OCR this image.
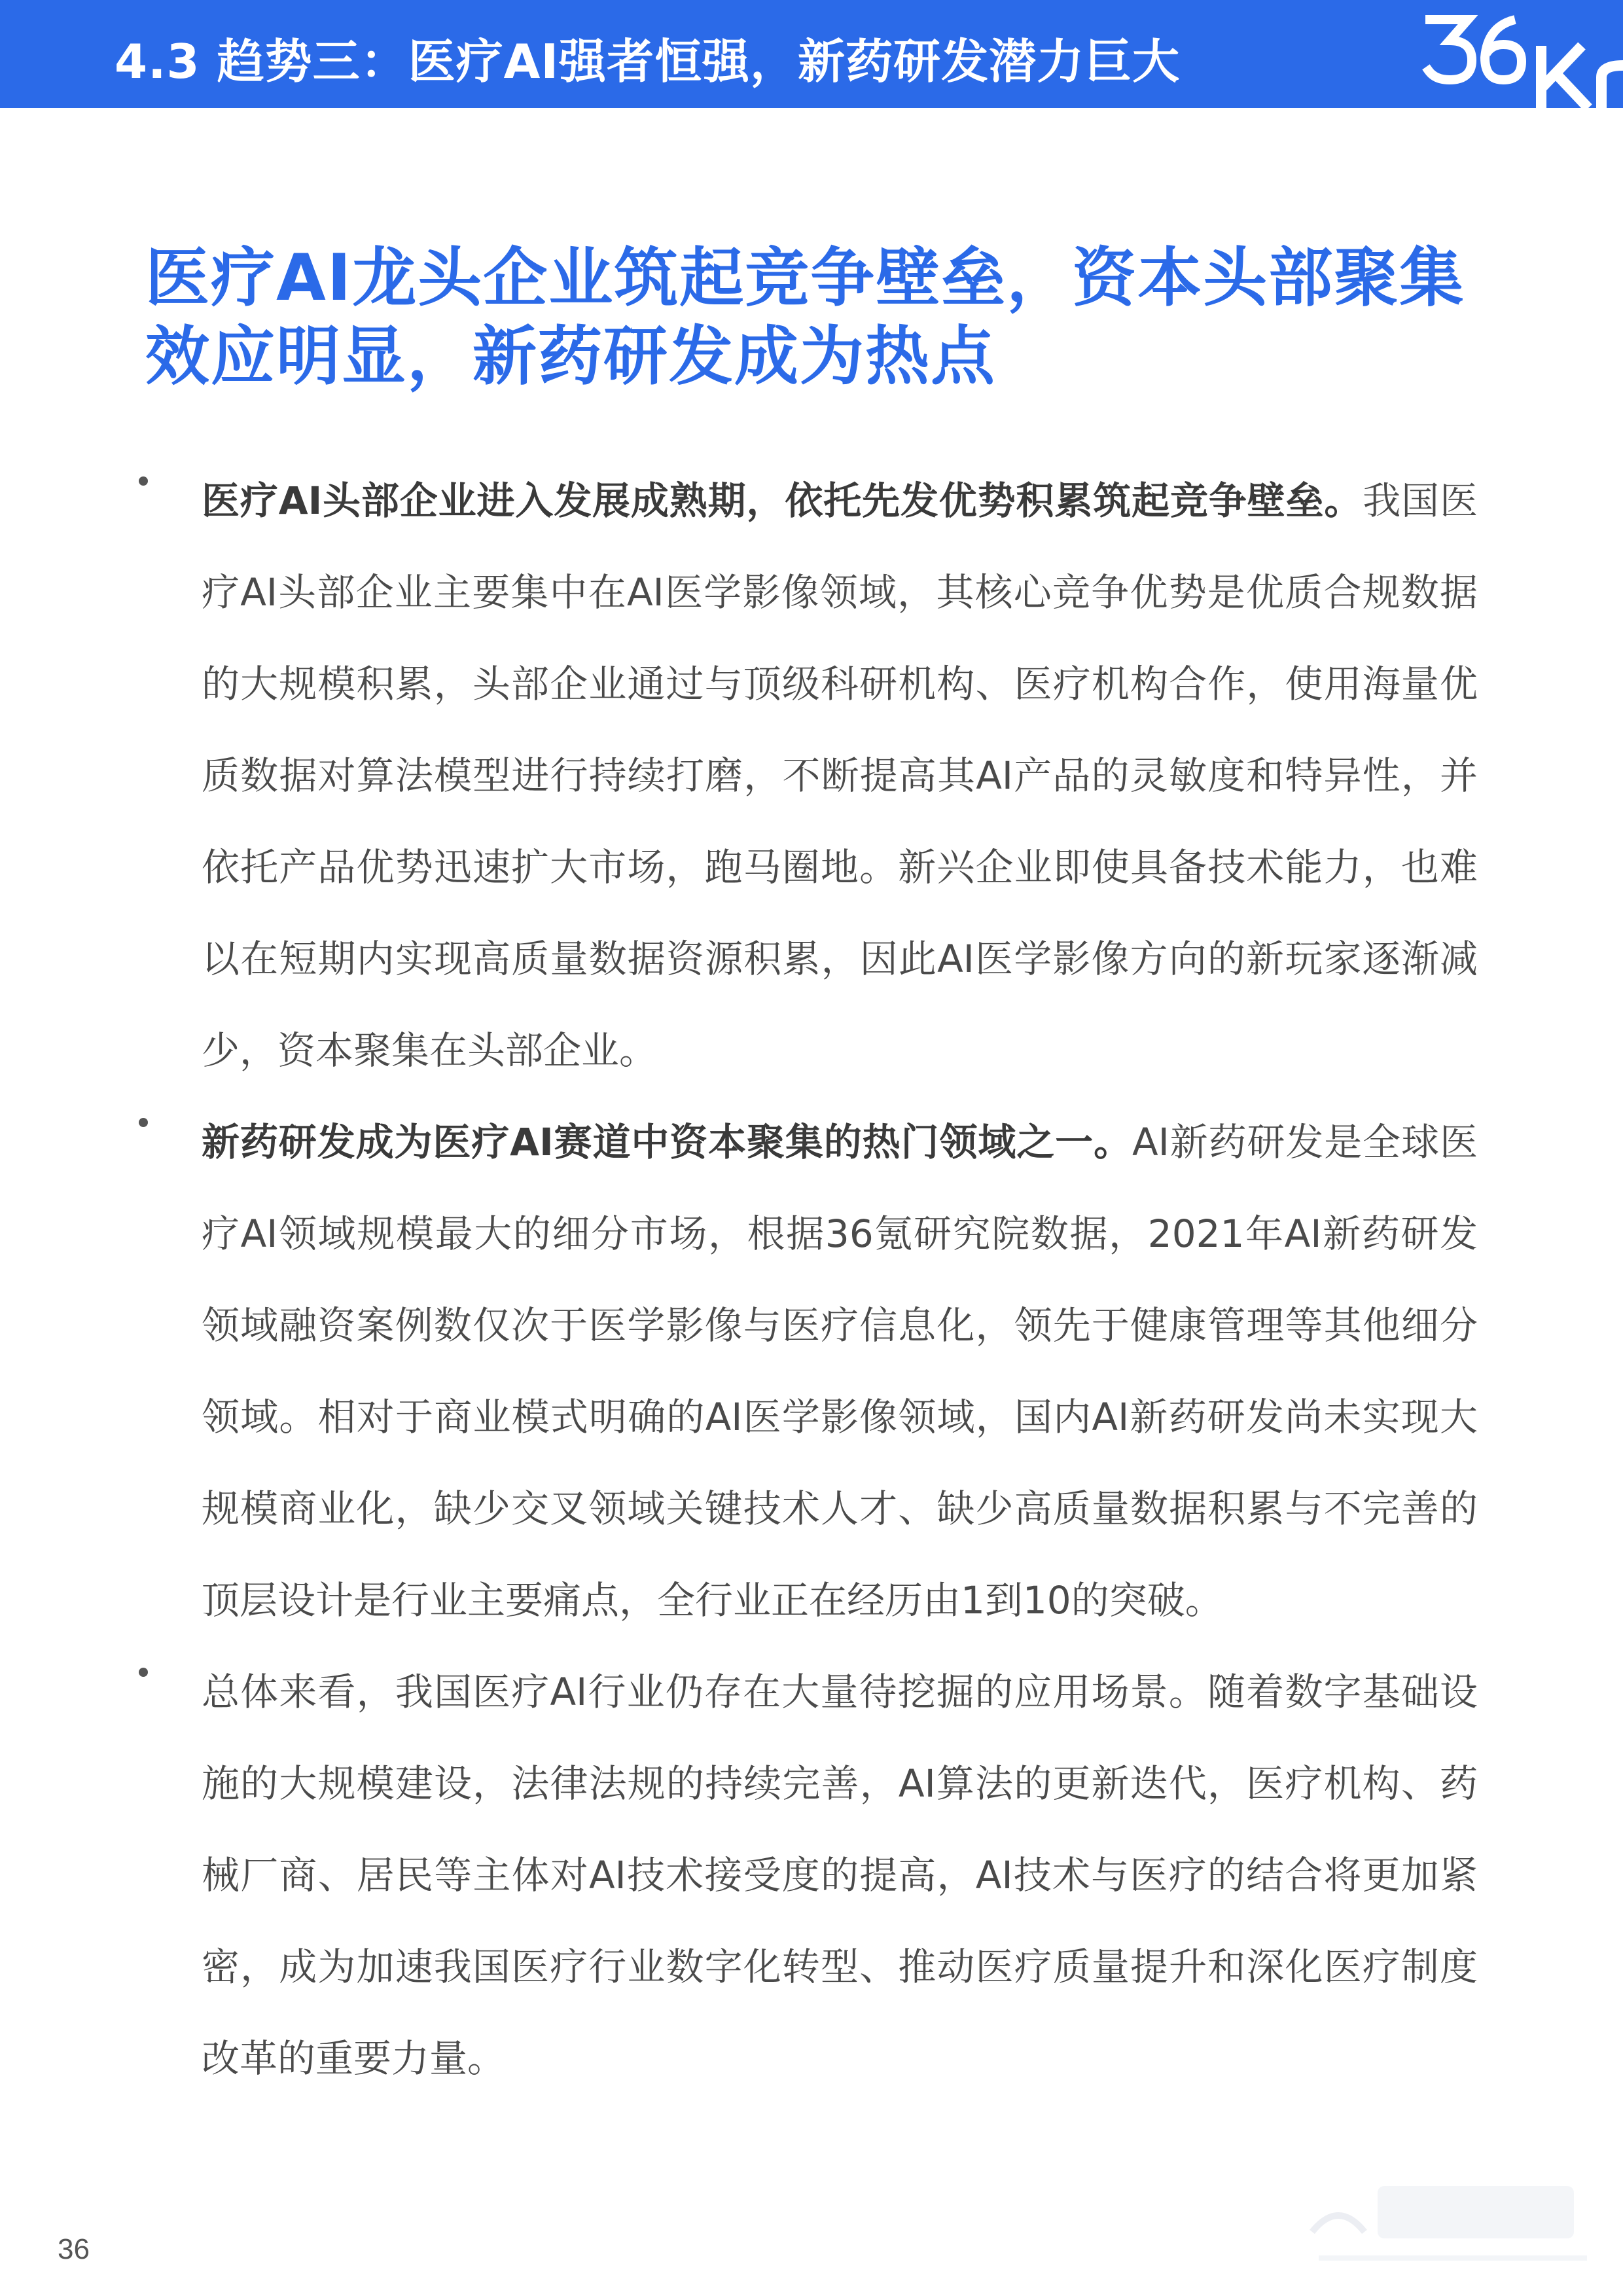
4.3 趋势三：医疗AI强者恒强，新药研发潜力巨大
医疗AI龙头企业筑起竞争壁垒，资本头部聚集效应明显，新药研发成为热点
医疗AI头部企业进入发展成熟期，依托先发优势积累筑起竞争壁垒。我国医疗AI头部企业主要集中在AI医学影像领域，其核心竞争优势是优质合规数据的大规模积累，头部企业通过与顶级科研机构、医疗机构合作，使用海量优质数据对算法模型进行持续打磨，不断提高其AI产品的灵敏度和特异性，并依托产品优势迅速扩大市场，跑马圈地。新兴企业即使具备技术能力，也难以在短期内实现高质量数据资源积累，因此AI医学影像方向的新玩家逐渐减少，资本聚集在头部企业。
新药研发成为医疗AI赛道中资本聚集的热门领域之一。AI新药研发是全球医疗AI领域规模最大的细分市场，根据36氪研究院数据，2021年AI新药研发领域融资案例数仅次于医学影像与医疗信息化，领先于健康管理等其他细分领域。相对于商业模式明确的AI医学影像领域，国内AI新药研发尚未实现大规模商业化，缺少交叉领域关键技术人才、缺少高质量数据积累与不完善的顶层设计是行业主要痛点，全行业正在经历由1到10的突破。
总体来看，我国医疗AI行业仍存在大量待挖掘的应用场景。随着数字基础设施的大规模建设，法律法规的持续完善，AI算法的更新迭代，医疗机构、药械厂商、居民等主体对AI技术接受度的提高，AI技术与医疗的结合将更加紧密，成为加速我国医疗行业数字化转型、推动医疗质量提升和深化医疗制度改革的重要力量。
36
